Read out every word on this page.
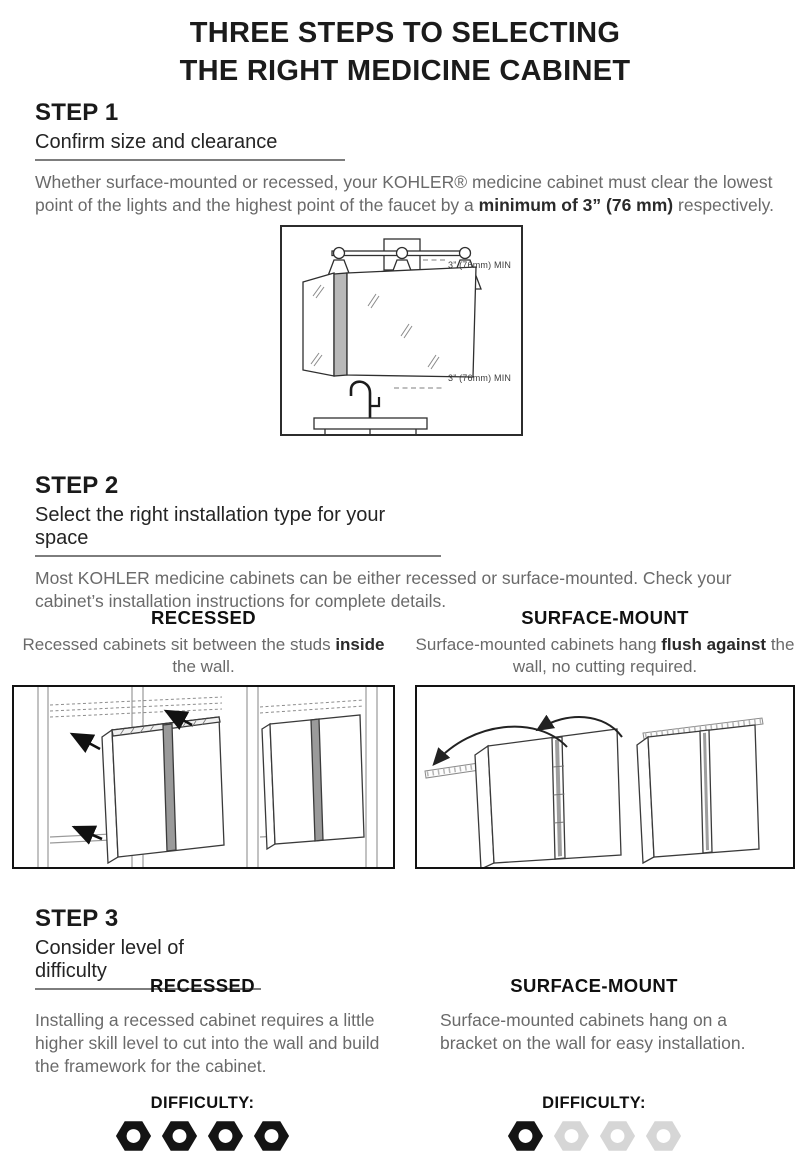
THREE STEPS TO SELECTING
THE RIGHT MEDICINE CABINET
STEP 1
Confirm size and clearance

Whether surface-mounted or recessed, your KOHLER® medicine cabinet must clear the lowest point of the lights and the highest point of the faucet by a minimum of 3” (76 mm) respectively.

3” (76mm) MIN
3” (76mm) MIN
STEP 2
Select the right installation type for your space

Most KOHLER medicine cabinets can be either recessed or surface-mounted. Check your cabinet’s installation instructions for complete details.

RECESSED

Recessed cabinets sit between the studs inside the wall.

SURFACE-MOUNT

Surface-mounted cabinets hang flush against the wall, no cutting required.

STEP 3
Consider level of difficulty
RECESSED

Installing a recessed cabinet requires a little higher skill level to cut into the wall and build the framework for the cabinet.

DIFFICULTY:
SURFACE-MOUNT

Surface-mounted cabinets hang on a bracket on the wall for easy installation.

DIFFICULTY:
